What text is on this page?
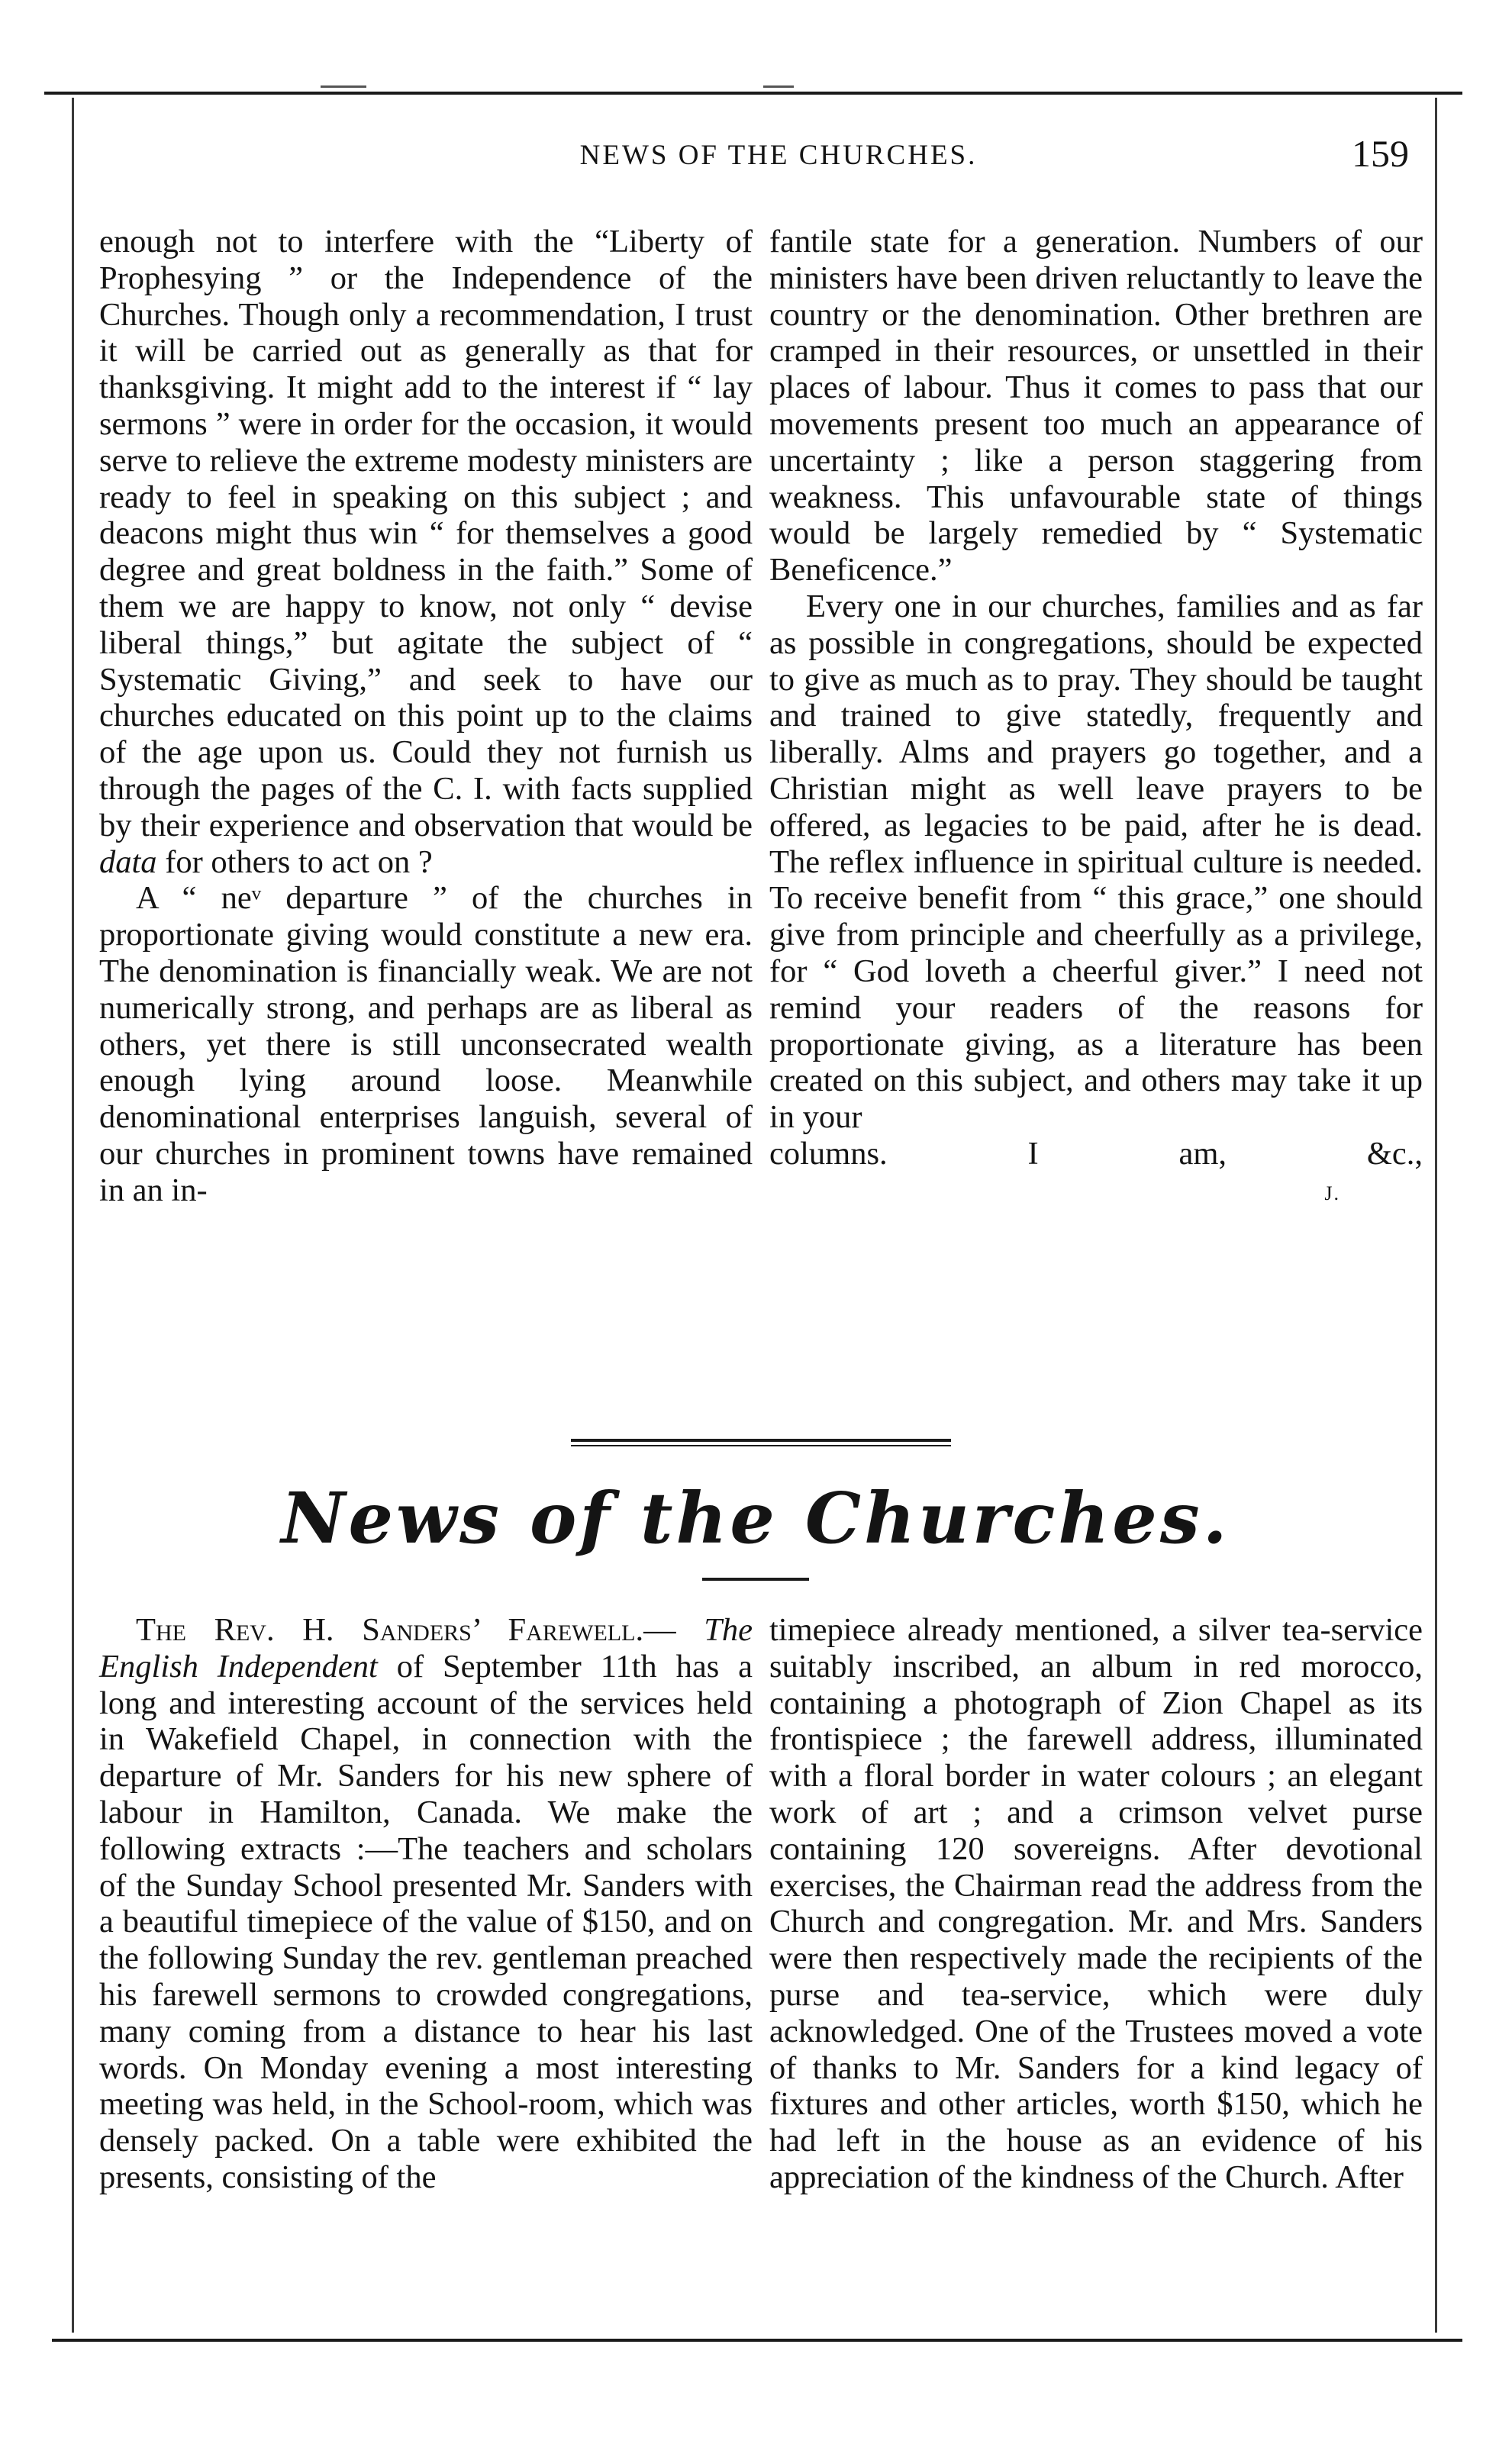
NEWS OF THE CHURCHES.	159

enough not to interfere with the “Liberty of Prophesying ” or the Independence of the Churches. Though only a recommendation, I trust it will be carried out as generally as that for thanksgiving. It might add to the interest if “ lay sermons ” were in order for the occasion, it would serve to relieve the extreme modesty ministers are ready to feel in speaking on this subject ; and deacons might thus win “ for themselves a good degree and great boldness in the faith.” Some of them we are happy to know, not only “ devise liberal things,” but agitate the subject of “ Systematic Giving,” and seek to have our churches educated on this point up to the claims of the age upon us. Could they not furnish us through the pages of the C. I. with facts supplied by their experience and observation that would be data for others to act on ?

A “ neᵛ departure ” of the churches in proportionate giving would constitute a new era. The denomination is financially weak. We are not numerically strong, and perhaps are as liberal as others, yet there is still unconsecrated wealth enough lying around loose. Meanwhile denominational enterprises languish, several of our churches in prominent towns have remained in an in-

fantile state for a generation. Numbers of our ministers have been driven reluctantly to leave the country or the denomination. Other brethren are cramped in their resources, or unsettled in their places of labour. Thus it comes to pass that our movements present too much an appearance of uncertainty ; like a person staggering from weakness. This unfavourable state of things would be largely remedied by “ Systematic Beneficence.”

Every one in our churches, families and as far as possible in congregations, should be expected to give as much as to pray. They should be taught and trained to give statedly, frequently and liberally. Alms and prayers go together, and a Christian might as well leave prayers to be offered, as legacies to be paid, after he is dead. The reflex influence in spiritual culture is needed. To receive benefit from “ this grace,” one should give from principle and cheerfully as a privilege, for “ God loveth a cheerful giver.” I need not remind your readers of the reasons for proportionate giving, as a literature has been created on this subject, and others may take it up in your

columns.	I am, &c.,

J.
News of the Churches.

The Rev. H. Sanders’ Farewell.— The English Independent of September 11th has a long and interesting account of the services held in Wakefield Chapel, in connection with the departure of Mr. Sanders for his new sphere of labour in Hamilton, Canada. We make the following extracts :—The teachers and scholars of the Sunday School presented Mr. Sanders with a beautiful timepiece of the value of $150, and on the following Sunday the rev. gentleman preached his farewell sermons to crowded congregations, many coming from a distance to hear his last words. On Monday evening a most interesting meeting was held, in the School-room, which was densely packed. On a table were exhibited the presents, consisting of the

timepiece already mentioned, a silver tea-service suitably inscribed, an album in red morocco, containing a photograph of Zion Chapel as its frontispiece ; the farewell address, illuminated with a floral border in water colours ; an elegant work of art ; and a crimson velvet purse containing 120 sovereigns. After devotional exercises, the Chairman read the address from the Church and congregation. Mr. and Mrs. Sanders were then respectively made the recipients of the purse and tea-service, which were duly acknowledged. One of the Trustees moved a vote of thanks to Mr. Sanders for a kind legacy of fixtures and other articles, worth $150, which he had left in the house as an evidence of his appreciation of the kindness of the Church. After
